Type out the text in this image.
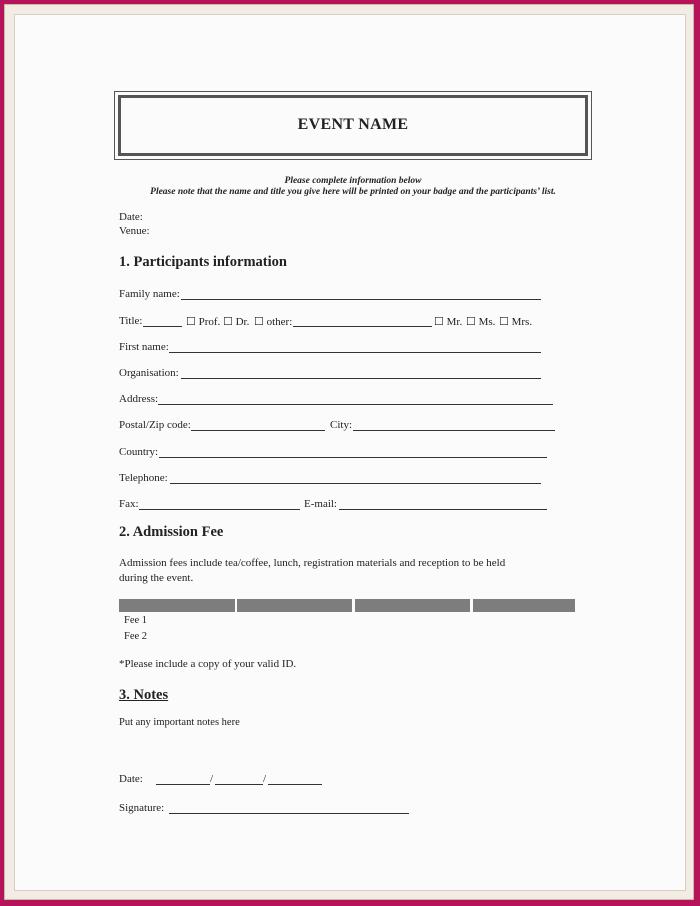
EVENT NAME
Please complete information below
Please note that the name and title you give here will be printed on your badge and the participants’ list.
Date:
Venue:
1. Participants information
Family name:
Title:	☐ Prof. ☐ Dr. ☐ other:	☐ Mr. ☐ Ms. ☐ Mrs.
First name:
Organisation:
Address:
Postal/Zip code:	City:
Country:
Telephone:
Fax:	E-mail:
2. Admission Fee
Admission fees include tea/coffee, lunch, registration materials and reception to be held
during the event.
Fee 1
Fee 2
*Please include a copy of your valid ID.
3. Notes
Put any important notes here
Date:	/	/
Signature:
